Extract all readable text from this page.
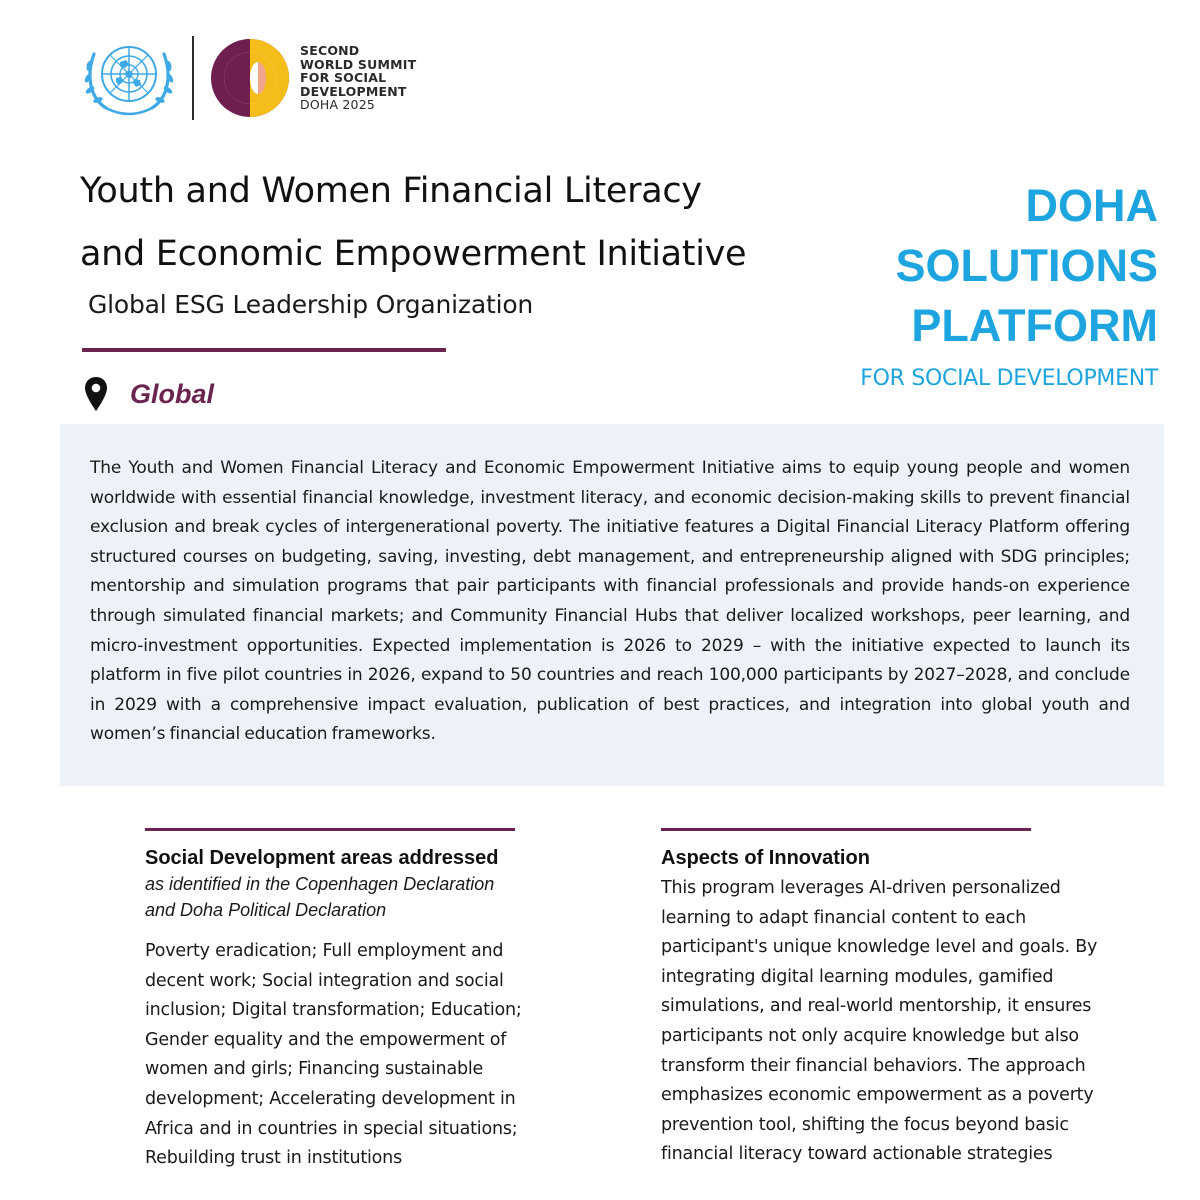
SECOND
WORLD SUMMIT
FOR SOCIAL
DEVELOPMENT
DOHA 2025
Youth and Women Financial Literacy
and Economic Empowerment Initiative
Global ESG Leadership Organization
Global
DOHA
SOLUTIONS
PLATFORM
FOR SOCIAL DEVELOPMENT

The Youth and Women Financial Literacy and Economic Empowerment Initiative aims to equip young people and women worldwide with essential financial knowledge, investment literacy, and economic decision-making skills to prevent financial exclusion and break cycles of intergenerational poverty. The initiative features a Digital Financial Literacy Platform offering structured courses on budgeting, saving, investing, debt management, and entrepreneurship aligned with SDG principles; mentorship and simulation programs that pair participants with financial professionals and provide hands-on experience through simulated financial markets; and Community Financial Hubs that deliver localized workshops, peer learning, and micro-investment opportunities. Expected implementation is 2026 to 2029 – with the initiative expected to launch its platform in five pilot countries in 2026, expand to 50 countries and reach 100,000 participants by 2027–2028, and conclude in 2029 with a comprehensive impact evaluation, publication of best practices, and integration into global youth and women’s financial education frameworks.

Social Development areas addressed
as identified in the Copenhagen Declaration
and Doha Political Declaration
Poverty eradication; Full employment and decent work; Social integration and social inclusion; Digital transformation; Education; Gender equality and the empowerment of women and girls; Financing sustainable development; Accelerating development in Africa and in countries in special situations; Rebuilding trust in institutions
Aspects of Innovation
This program leverages AI-driven personalized learning to adapt financial content to each participant's unique knowledge level and goals. By integrating digital learning modules, gamified simulations, and real-world mentorship, it ensures participants not only acquire knowledge but also transform their financial behaviors. The approach emphasizes economic empowerment as a poverty prevention tool, shifting the focus beyond basic financial literacy toward actionable strategies
